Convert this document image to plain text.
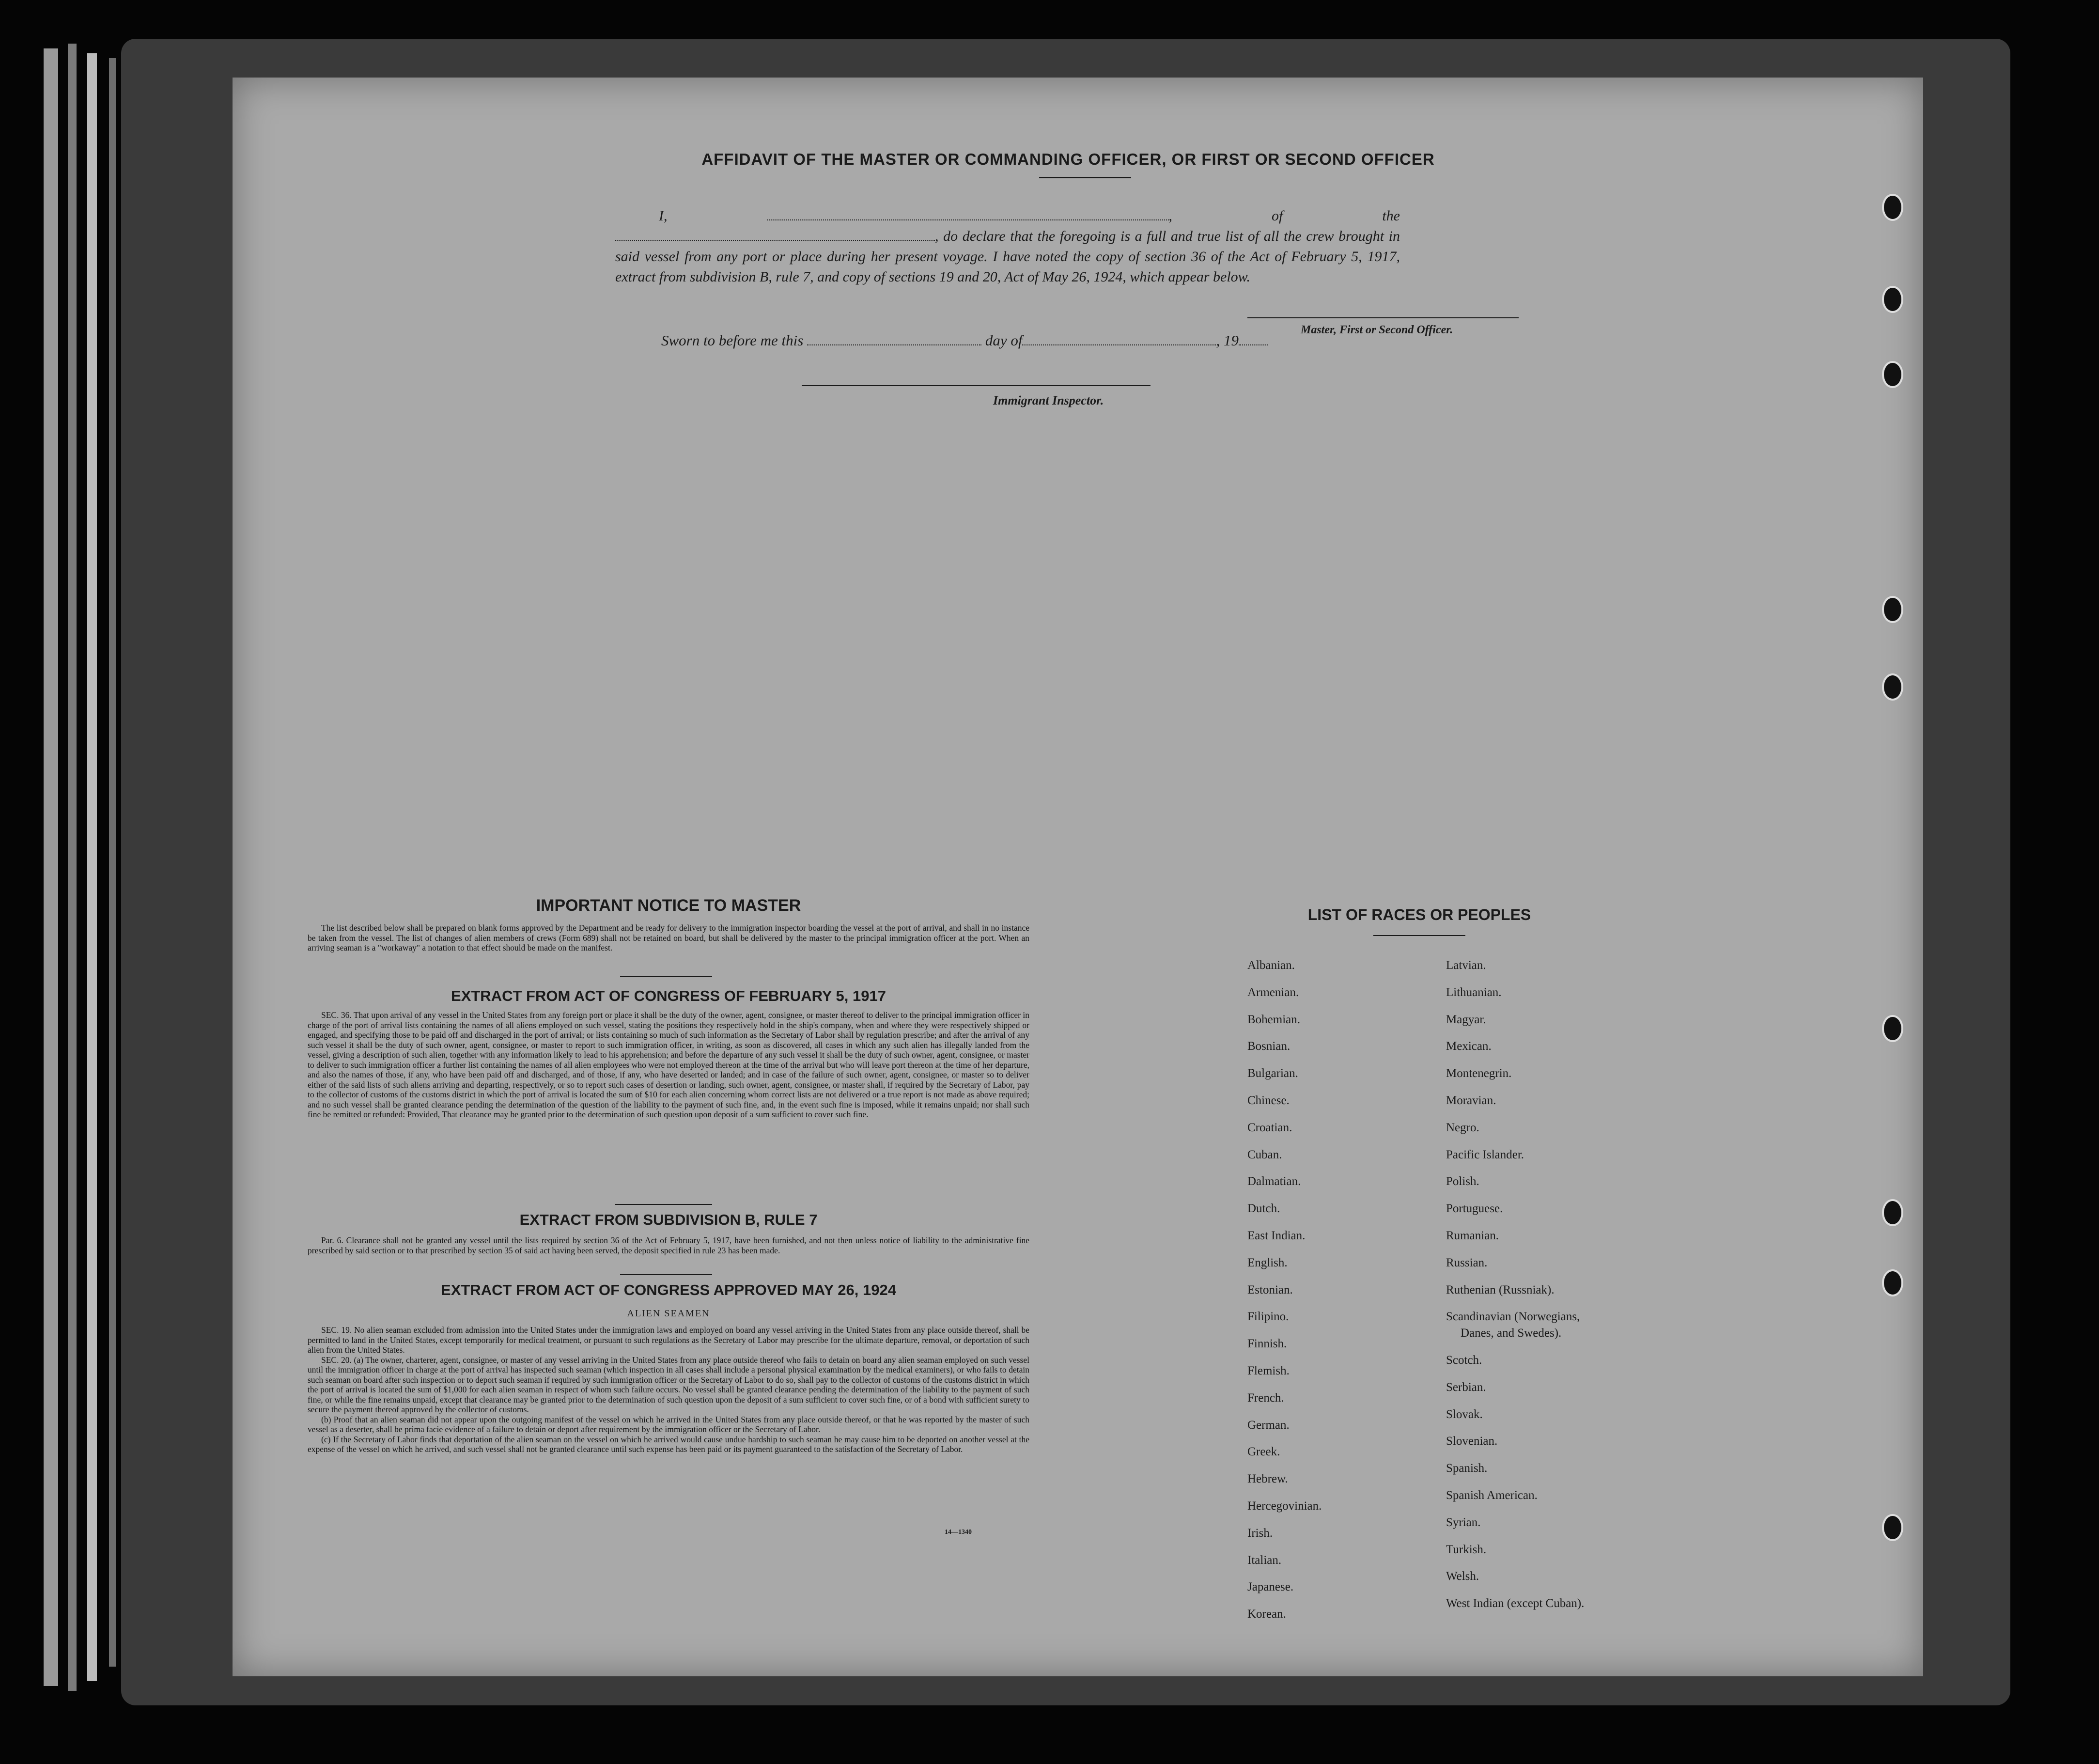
AFFIDAVIT OF THE MASTER OR COMMANDING OFFICER, OR FIRST OR SECOND OFFICER
I,	, of the , do declare that the foregoing is a full and true list of all the crew brought in said vessel from any port or place during her present voyage. I have noted the copy of section 36 of the Act of February 5, 1917, extract from subdivision B, rule 7, and copy of sections 19 and 20, Act of May 26, 1924, which appear below.
Master, First or Second Officer.
Sworn to before me this	day of	, 19
Immigrant Inspector.
IMPORTANT NOTICE TO MASTER

The list described below shall be prepared on blank forms approved by the Department and be ready for delivery to the immigration inspector boarding the vessel at the port of arrival, and shall in no instance be taken from the vessel. The list of changes of alien members of crews (Form 689) shall not be retained on board, but shall be delivered by the master to the principal immigration officer at the port. When an arriving seaman is a "workaway" a notation to that effect should be made on the manifest.

EXTRACT FROM ACT OF CONGRESS OF FEBRUARY 5, 1917

SEC. 36. That upon arrival of any vessel in the United States from any foreign port or place it shall be the duty of the owner, agent, consignee, or master thereof to deliver to the principal immigration officer in charge of the port of arrival lists containing the names of all aliens employed on such vessel, stating the positions they respectively hold in the ship's company, when and where they were respectively shipped or engaged, and specifying those to be paid off and discharged in the port of arrival; or lists containing so much of such information as the Secretary of Labor shall by regulation prescribe; and after the arrival of any such vessel it shall be the duty of such owner, agent, consignee, or master to report to such immigration officer, in writing, as soon as discovered, all cases in which any such alien has illegally landed from the vessel, giving a description of such alien, together with any information likely to lead to his apprehension; and before the departure of any such vessel it shall be the duty of such owner, agent, consignee, or master to deliver to such immigration officer a further list containing the names of all alien employees who were not employed thereon at the time of the arrival but who will leave port thereon at the time of her departure, and also the names of those, if any, who have been paid off and discharged, and of those, if any, who have deserted or landed; and in case of the failure of such owner, agent, consignee, or master so to deliver either of the said lists of such aliens arriving and departing, respectively, or so to report such cases of desertion or landing, such owner, agent, consignee, or master shall, if required by the Secretary of Labor, pay to the collector of customs of the customs district in which the port of arrival is located the sum of $10 for each alien concerning whom correct lists are not delivered or a true report is not made as above required; and no such vessel shall be granted clearance pending the determination of the question of the liability to the payment of such fine, and, in the event such fine is imposed, while it remains unpaid; nor shall such fine be remitted or refunded: Provided, That clearance may be granted prior to the determination of such question upon deposit of a sum sufficient to cover such fine.

EXTRACT FROM SUBDIVISION B, RULE 7

Par. 6. Clearance shall not be granted any vessel until the lists required by section 36 of the Act of February 5, 1917, have been furnished, and not then unless notice of liability to the administrative fine prescribed by said section or to that prescribed by section 35 of said act having been served, the deposit specified in rule 23 has been made.

EXTRACT FROM ACT OF CONGRESS APPROVED MAY 26, 1924
ALIEN SEAMEN

SEC. 19. No alien seaman excluded from admission into the United States under the immigration laws and employed on board any vessel arriving in the United States from any place outside thereof, shall be permitted to land in the United States, except temporarily for medical treatment, or pursuant to such regulations as the Secretary of Labor may prescribe for the ultimate departure, removal, or deportation of such alien from the United States.

SEC. 20. (a) The owner, charterer, agent, consignee, or master of any vessel arriving in the United States from any place outside thereof who fails to detain on board any alien seaman employed on such vessel until the immigration officer in charge at the port of arrival has inspected such seaman (which inspection in all cases shall include a personal physical examination by the medical examiners), or who fails to detain such seaman on board after such inspection or to deport such seaman if required by such immigration officer or the Secretary of Labor to do so, shall pay to the collector of customs of the customs district in which the port of arrival is located the sum of $1,000 for each alien seaman in respect of whom such failure occurs. No vessel shall be granted clearance pending the determination of the liability to the payment of such fine, or while the fine remains unpaid, except that clearance may be granted prior to the determination of such question upon the deposit of a sum sufficient to cover such fine, or of a bond with sufficient surety to secure the payment thereof approved by the collector of customs.

(b) Proof that an alien seaman did not appear upon the outgoing manifest of the vessel on which he arrived in the United States from any place outside thereof, or that he was reported by the master of such vessel as a deserter, shall be prima facie evidence of a failure to detain or deport after requirement by the immigration officer or the Secretary of Labor.

(c) If the Secretary of Labor finds that deportation of the alien seaman on the vessel on which he arrived would cause undue hardship to such seaman he may cause him to be deported on another vessel at the expense of the vessel on which he arrived, and such vessel shall not be granted clearance until such expense has been paid or its payment guaranteed to the satisfaction of the Secretary of Labor.

14—1340
LIST OF RACES OR PEOPLES
Albanian.
Armenian.
Bohemian.
Bosnian.
Bulgarian.
Chinese.
Croatian.
Cuban.
Dalmatian.
Dutch.
East Indian.
English.
Estonian.
Filipino.
Finnish.
Flemish.
French.
German.
Greek.
Hebrew.
Hercegovinian.
Irish.
Italian.
Japanese.
Korean.
Latvian.
Lithuanian.
Magyar.
Mexican.
Montenegrin.
Moravian.
Negro.
Pacific Islander.
Polish.
Portuguese.
Rumanian.
Russian.
Ruthenian (Russniak).
Scandinavian (Norwegians,
Danes, and Swedes).
Scotch.
Serbian.
Slovak.
Slovenian.
Spanish.
Spanish American.
Syrian.
Turkish.
Welsh.
West Indian (except Cuban).
